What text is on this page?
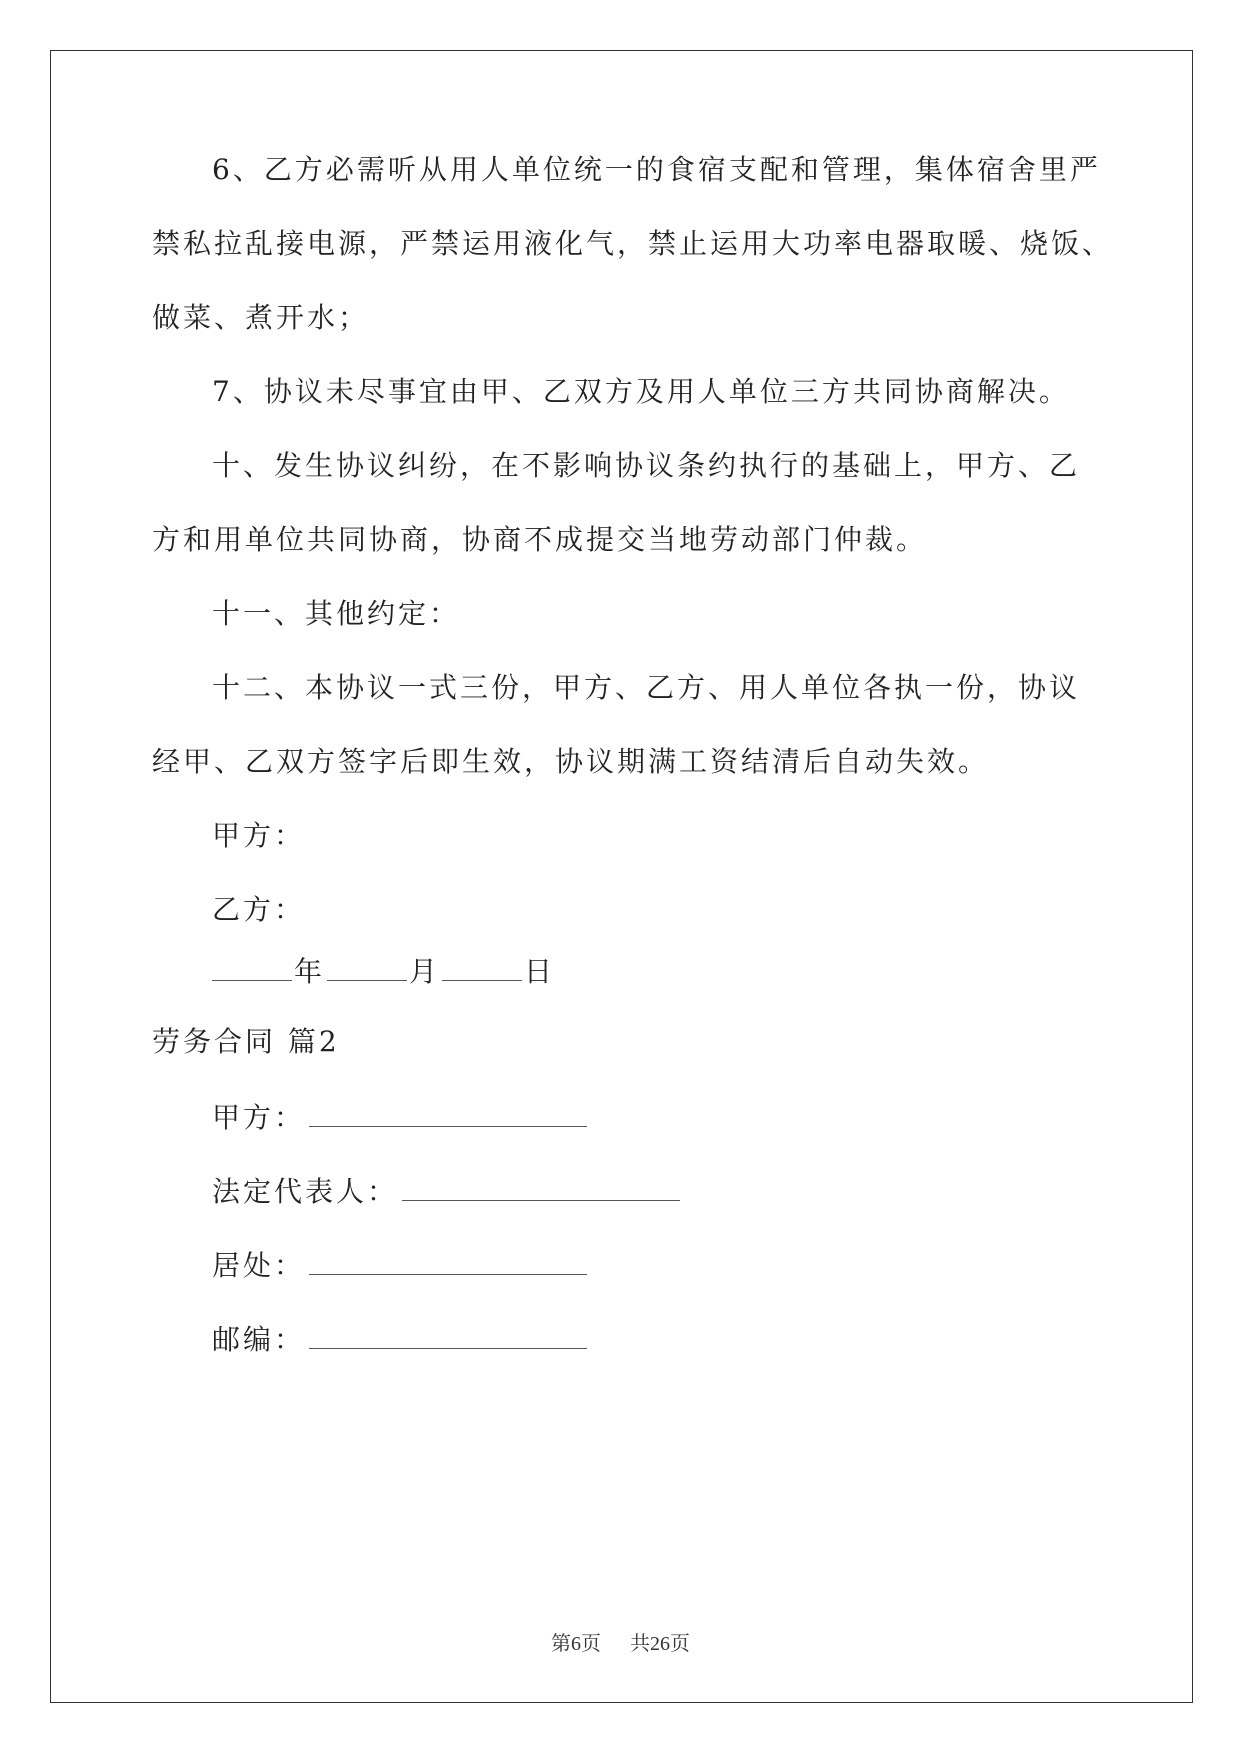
6、乙方必需听从用人单位统一的食宿支配和管理，集体宿舍里严
禁私拉乱接电源，严禁运用液化气，禁止运用大功率电器取暖、烧饭、
做菜、煮开水；
7、协议未尽事宜由甲、乙双方及用人单位三方共同协商解决。
十、发生协议纠纷，在不影响协议条约执行的基础上，甲方、乙
方和用单位共同协商，协商不成提交当地劳动部门仲裁。
十一、其他约定：
十二、本协议一式三份，甲方、乙方、用人单位各执一份，协议
经甲、乙双方签字后即生效，协议期满工资结清后自动失效。
甲方：
乙方：
年	月	日
劳务合同 篇2
甲方：
法定代表人：
居处：
邮编：
第6页 共26页
